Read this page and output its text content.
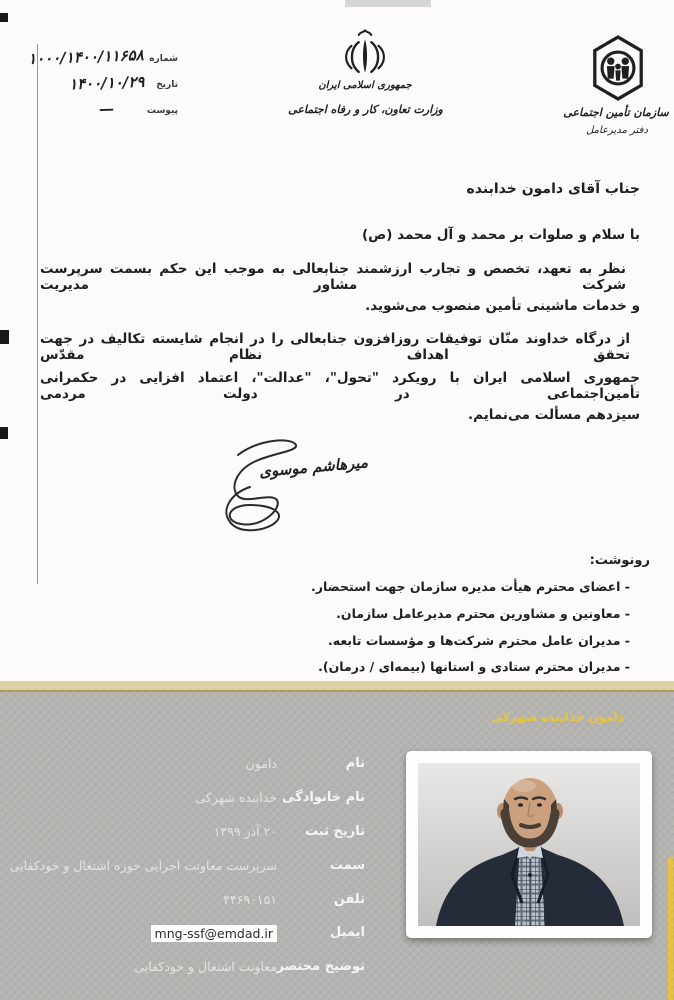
شماره
۱۰۰۰/۱۴۰۰/۱۱۶۵۸
تاریخ
۱۴۰۰/۱۰/۲۹
پیوست
—
جمهوری اسلامی ایران
وزارت تعاون، کار و رفاه اجتماعی	سازمان تأمین اجتماعی
دفتر مدیرعامل
جناب آقای دامون خدابنده
با سلام و صلوات بر محمد و آل محمد (ص)
نظر به تعهد، تخصص و تجارب ارزشمند جنابعالی به موجب این حکم بسمت سرپرست شرکت مشاور مدیریت
و خدمات ماشینی تأمین منصوب می‌شوید.
از درگاه خداوند منّان توفیقات روزافزون جنابعالی را در انجام شایسته تکالیف در جهت تحقق اهداف نظام مقدّس
جمهوری اسلامی ایران با رویکرد "تحول"، "عدالت"، اعتماد افزایی در حکمرانی تأمین‌اجتماعی در دولت مردمی
سیزدهم مسألت می‌نمایم.
میرهاشم موسوی
رونوشت:
- اعضای محترم هیأت مدیره سازمان جهت استحضار.
- معاونین و مشاورین محترم مدیرعامل سازمان.
- مدیران عامل محترم شرکت‌ها و مؤسسات تابعه.
- مدیران محترم ستادی و استانها (بیمه‌ای / درمان).
دامون خدابنده شهرکی
نام
دامون
نام خانوادگی
خدابنده شهرکی
تاریخ ثبت
۲۰ آذر ۱۳۹۹
سمت
سرپرست معاونت اجرایی حوزه اشتغال و خودکفایی
تلفن
۴۴۶۹۰۱۵۱
ایمیل
mng-ssf@emdad.ir
توضیح مختصر
معاونت اشتغال و خودکفایی
